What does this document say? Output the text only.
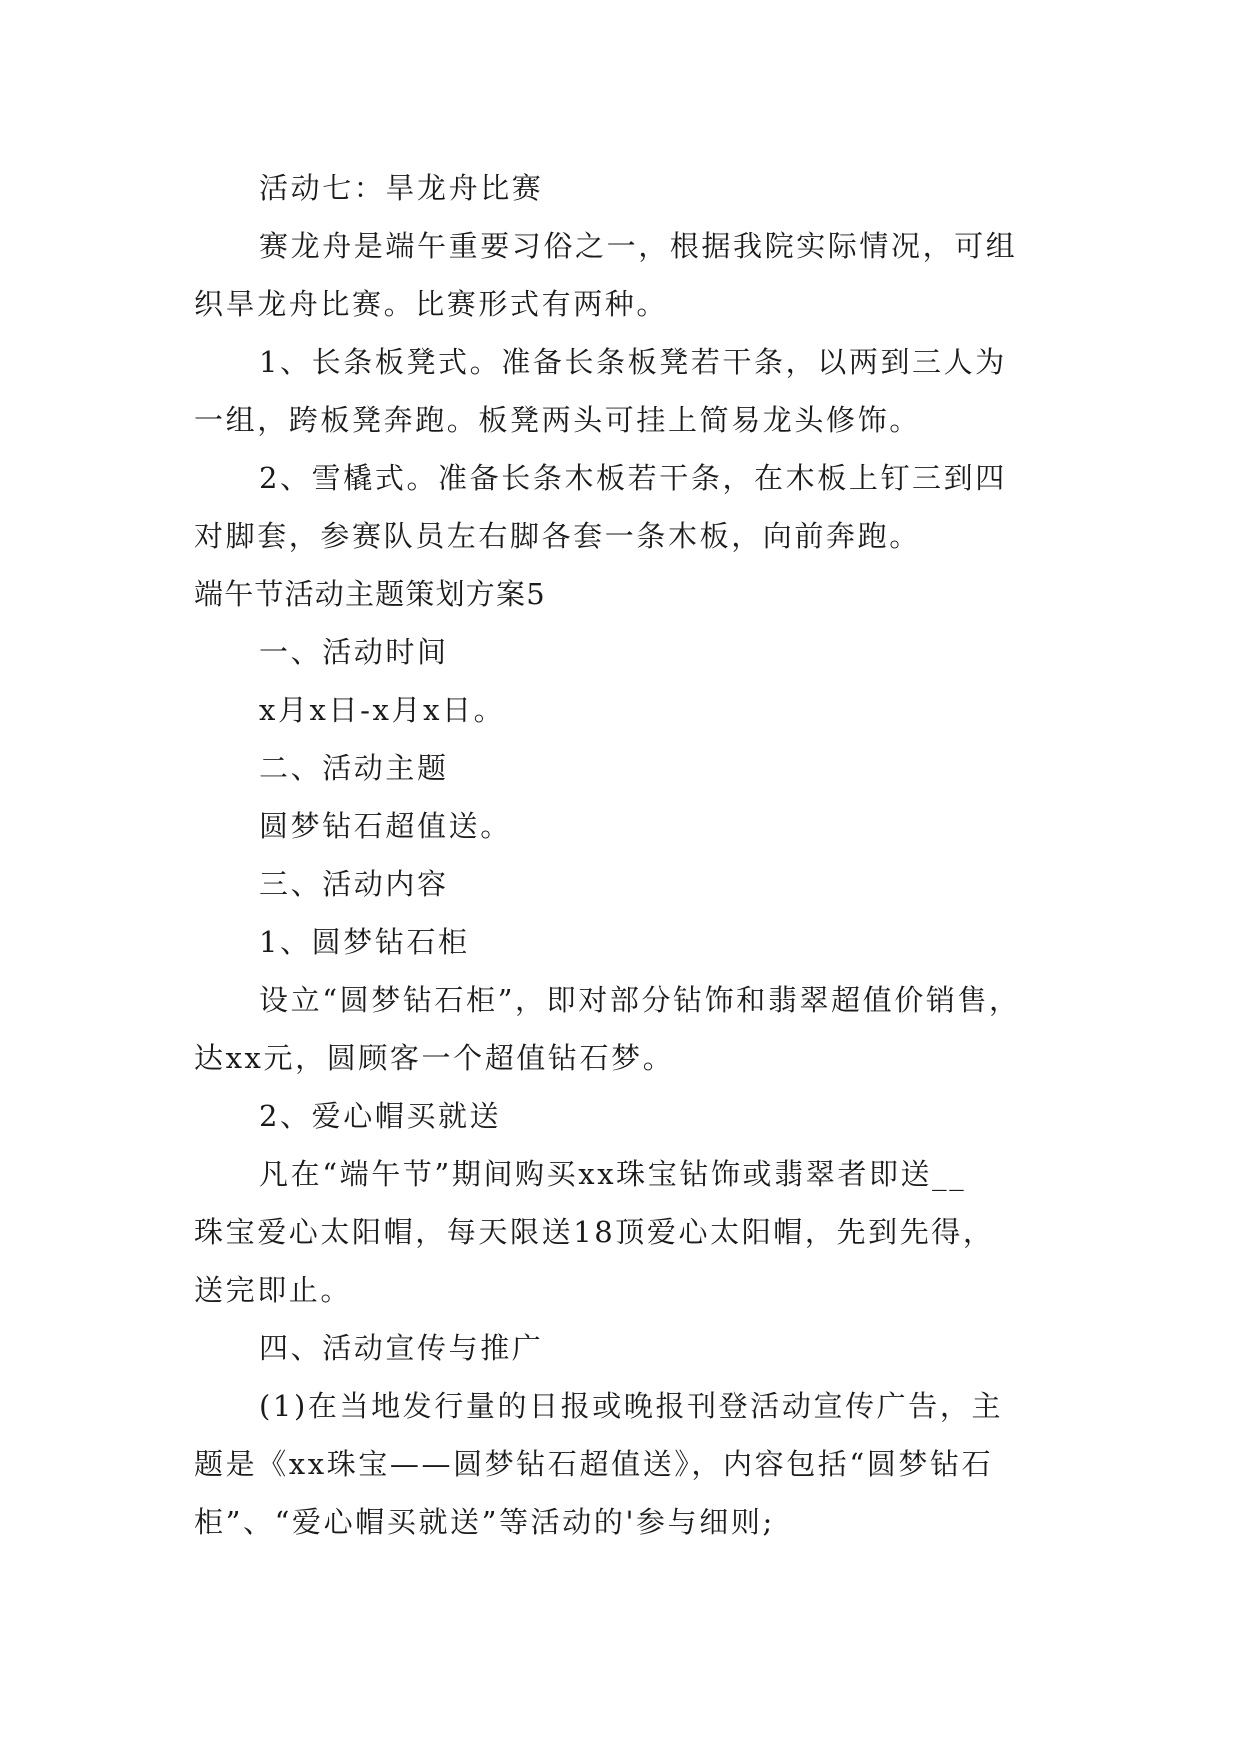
活动七：旱龙舟比赛
赛龙舟是端午重要习俗之一，根据我院实际情况，可组
织旱龙舟比赛。比赛形式有两种。
1、长条板凳式。准备长条板凳若干条，以两到三人为
一组，跨板凳奔跑。板凳两头可挂上简易龙头修饰。
2、雪橇式。准备长条木板若干条，在木板上钉三到四
对脚套，参赛队员左右脚各套一条木板，向前奔跑。
端午节活动主题策划方案5
一、活动时间
x月x日-x月x日。
二、活动主题
圆梦钻石超值送。
三、活动内容
1、圆梦钻石柜
设立“圆梦钻石柜”，即对部分钻饰和翡翠超值价销售，
达xx元，圆顾客一个超值钻石梦。
2、爱心帽买就送
凡在“端午节”期间购买xx珠宝钻饰或翡翠者即送__
珠宝爱心太阳帽，每天限送18顶爱心太阳帽，先到先得，
送完即止。
四、活动宣传与推广
(1)在当地发行量的日报或晚报刊登活动宣传广告，主
题是《xx珠宝——圆梦钻石超值送》，内容包括“圆梦钻石
柜”、“爱心帽买就送”等活动的'参与细则;
